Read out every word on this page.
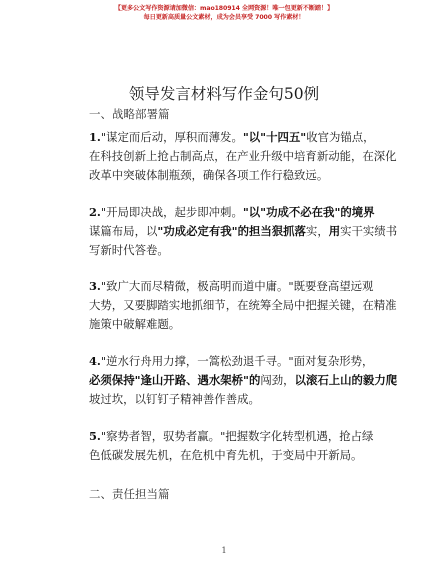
【更多公文写作资源请加微信：mao180914 全网资源！唯一包更新不断踏！】
每日更新高质量公文素材，成为会员享受 7000 写作素材！
领导发言材料写作金句50例
一、战略部署篇
1."谋定而后动，厚积而薄发。"以"十四五"收官为锚点，
在科技创新上抢占制高点，在产业升级中培育新动能，在深化
改革中突破体制瓶颈，确保各项工作行稳致远。
2."开局即决战，起步即冲刺。"以"功成不必在我"的境界
谋篇布局，以"功成必定有我"的担当狠抓落实，用实干实绩书
写新时代答卷。
3."致广大而尽精微，极高明而道中庸。"既要登高望远观
大势，又要脚踏实地抓细节，在统筹全局中把握关键，在精准
施策中破解难题。
4."逆水行舟用力撑，一篙松劲退千寻。"面对复杂形势，
必须保持"逢山开路、遇水架桥"的闯劲，以滚石上山的毅力爬
坡过坎，以钉钉子精神善作善成。
5."察势者智，驭势者赢。"把握数字化转型机遇，抢占绿
色低碳发展先机，在危机中育先机，于变局中开新局。
二、责任担当篇
1
